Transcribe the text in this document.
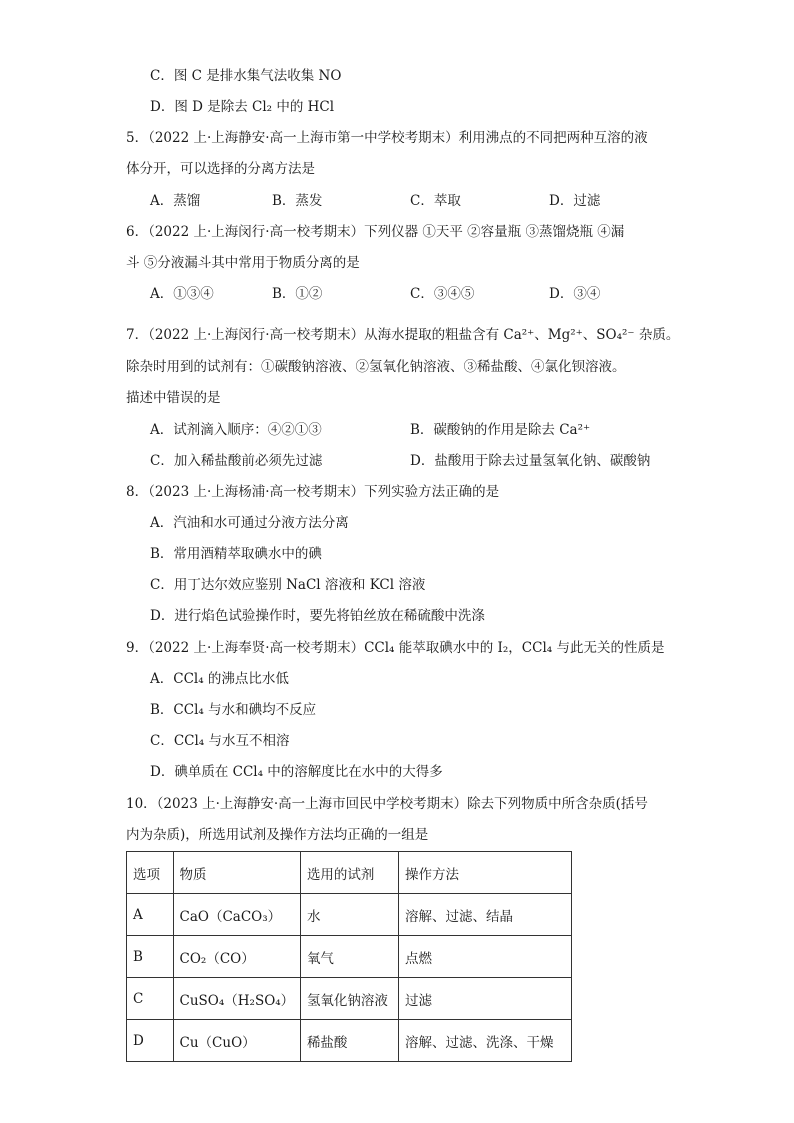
C．图 C 是排水集气法收集 NO
D．图 D 是除去 Cl₂ 中的 HCl
5．（2022 上·上海静安·高一上海市第一中学校考期末）利用沸点的不同把两种互溶的液
体分开，可以选择的分离方法是
A．蒸馏	B．蒸发	C．萃取	D．过滤
6．（2022 上·上海闵行·高一校考期末）下列仪器 ①天平 ②容量瓶 ③蒸馏烧瓶 ④漏
斗 ⑤分液漏斗其中常用于物质分离的是
A．①③④	B．①②	C．③④⑤	D．③④
7．（2022 上·上海闵行·高一校考期末）从海水提取的粗盐含有 Ca²⁺、Mg²⁺、SO₄²⁻ 杂质。
除杂时用到的试剂有：①碳酸钠溶液、②氢氧化钠溶液、③稀盐酸、④氯化钡溶液。
描述中错误的是
A．试剂滴入顺序：④②①③	B．碳酸钠的作用是除去 Ca²⁺
C．加入稀盐酸前必须先过滤	D．盐酸用于除去过量氢氧化钠、碳酸钠
8．（2023 上·上海杨浦·高一校考期末）下列实验方法正确的是
A．汽油和水可通过分液方法分离
B．常用酒精萃取碘水中的碘
C．用丁达尔效应鉴别 NaCl 溶液和 KCl 溶液
D．进行焰色试验操作时，要先将铂丝放在稀硫酸中洗涤
9．（2022 上·上海奉贤·高一校考期末）CCl₄ 能萃取碘水中的 I₂，CCl₄ 与此无关的性质是
A．CCl₄ 的沸点比水低
B．CCl₄ 与水和碘均不反应
C．CCl₄ 与水互不相溶
D．碘单质在 CCl₄ 中的溶解度比在水中的大得多
10．（2023 上·上海静安·高一上海市回民中学校考期末）除去下列物质中所含杂质(括号
内为杂质)，所选用试剂及操作方法均正确的一组是
选项	物质	选用的试剂	操作方法
A	CaO（CaCO₃）	水	溶解、过滤、结晶
B	CO₂（CO）	氧气	点燃
C	CuSO₄（H₂SO₄）	氢氧化钠溶液	过滤
D	Cu（CuO）	稀盐酸	溶解、过滤、洗涤、干燥
